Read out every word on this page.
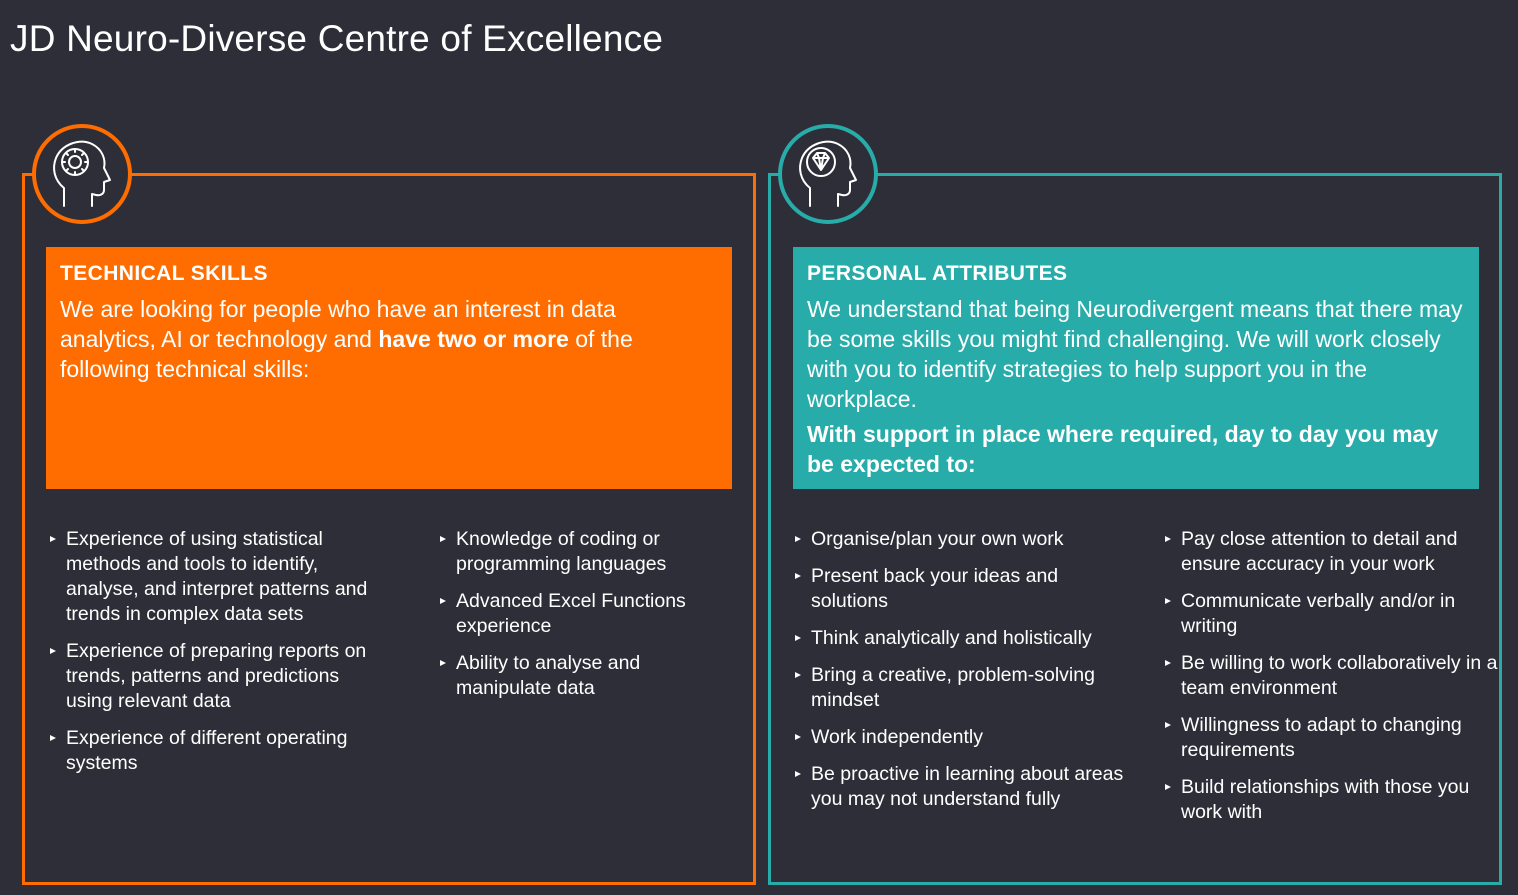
JD Neuro-Diverse Centre of Excellence
TECHNICAL SKILLS
We are looking for people who have an interest in data analytics, AI or technology and have two or more of the following technical skills:
Experience of using statistical methods and tools to identify, analyse, and interpret patterns and trends in complex data sets
Experience of preparing reports on trends, patterns and predictions using relevant data
Experience of different operating systems
Knowledge of coding or programming languages
Advanced Excel Functions experience
Ability to analyse and manipulate data
PERSONAL ATTRIBUTES
We understand that being Neurodivergent means that there may be some skills you might find challenging. We will work closely with you to identify strategies to help support you in the workplace.
With support in place where required, day to day you may be expected to:
Organise/plan your own work
Present back your ideas and solutions
Think analytically and holistically
Bring a creative, problem-solving mindset
Work independently
Be proactive in learning about areas you may not understand fully
Pay close attention to detail and ensure accuracy in your work
Communicate verbally and/or in writing
Be willing to work collaboratively in a team environment
Willingness to adapt to changing requirements
Build relationships with those you work with
